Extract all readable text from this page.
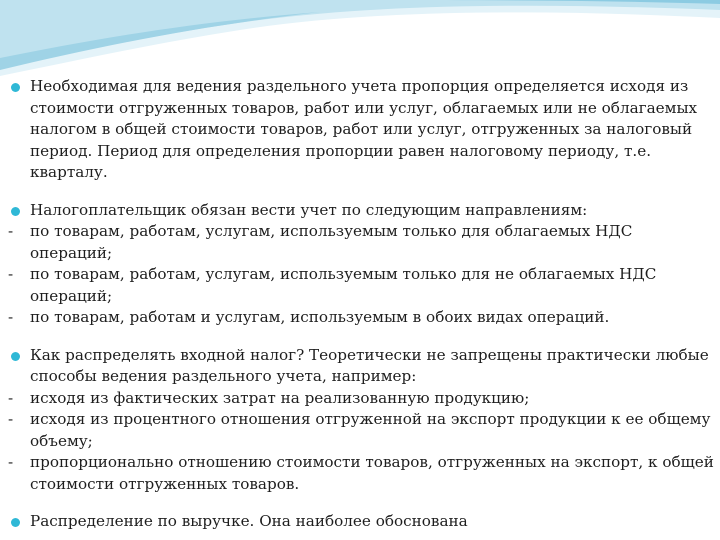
Необходимая для ведения раздельного учета пропорция определяется исходя из стоимости отгруженных товаров, работ или услуг, облагаемых или не облагаемых налогом в общей стоимости товаров, работ или услуг, отгруженных за налоговый период. Период для определения пропорции равен налоговому периоду, т.е. кварталу.
Налогоплательщик обязан вести учет по следующим направлениям:
- по товарам, работам, услугам, используемым только для облагаемых НДС операций;
- по товарам, работам, услугам, используемым только для не облагаемых НДС операций;
- по товарам, работам и услугам, используемым в обоих видах операций.
Как распределять входной налог? Теоретически не запрещены практически любые способы ведения раздельного учета, например:
- исходя из фактических затрат на реализованную продукцию;
- исходя из процентного отношения отгруженной на экспорт продукции к ее общему объему;
- пропорционально отношению стоимости товаров, отгруженных на экспорт, к общей стоимости отгруженных товаров.
Распределение по выручке. Она наиболее обоснована
